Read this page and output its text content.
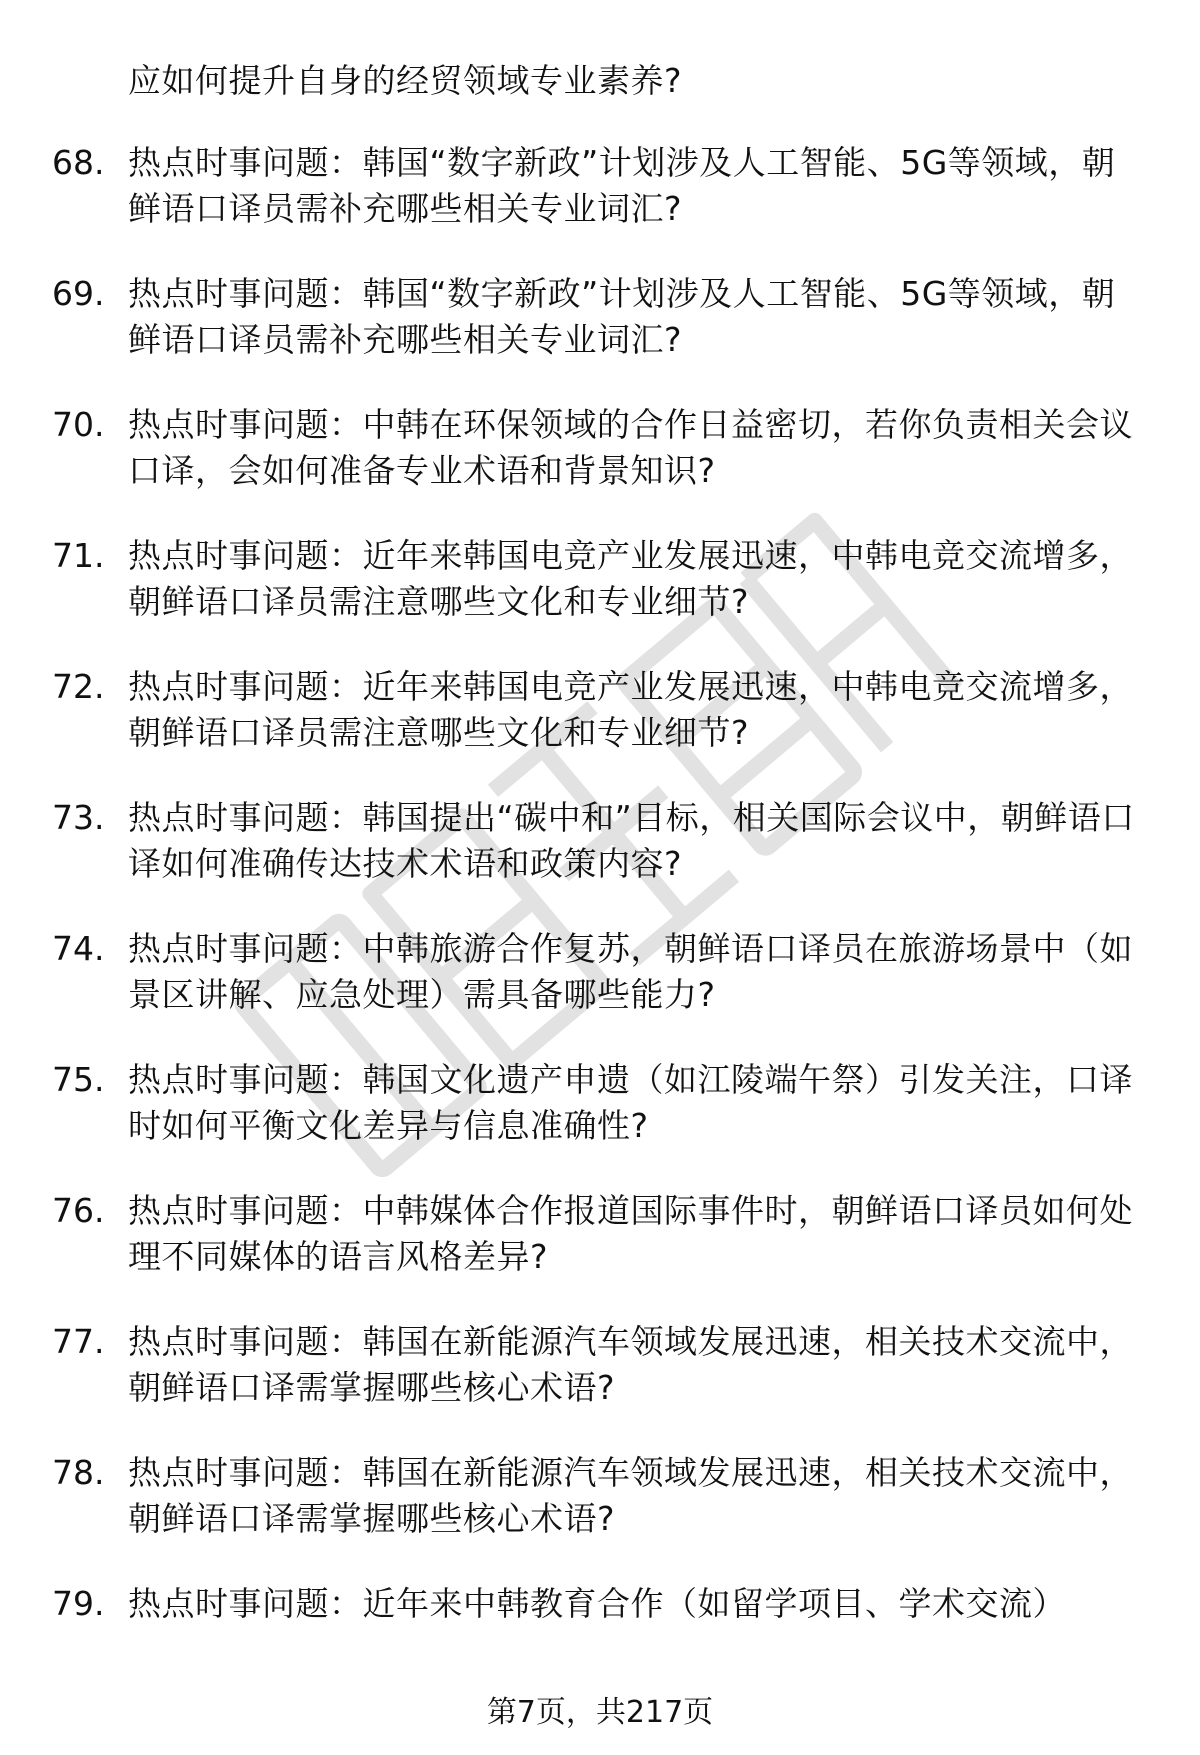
应如何提升自身的经贸领域专业素养?
68. 热点时事问题：韩国“数字新政”计划涉及人工智能、5G等领域，朝鲜语口译员需补充哪些相关专业词汇?
69. 热点时事问题：韩国“数字新政”计划涉及人工智能、5G等领域，朝鲜语口译员需补充哪些相关专业词汇?
70. 热点时事问题：中韩在环保领域的合作日益密切，若你负责相关会议口译，会如何准备专业术语和背景知识?
71. 热点时事问题：近年来韩国电竞产业发展迅速，中韩电竞交流增多，朝鲜语口译员需注意哪些文化和专业细节?
72. 热点时事问题：近年来韩国电竞产业发展迅速，中韩电竞交流增多，朝鲜语口译员需注意哪些文化和专业细节?
73. 热点时事问题：韩国提出“碳中和”目标，相关国际会议中，朝鲜语口译如何准确传达技术术语和政策内容?
74. 热点时事问题：中韩旅游合作复苏，朝鲜语口译员在旅游场景中（如景区讲解、应急处理）需具备哪些能力?
75. 热点时事问题：韩国文化遗产申遗（如江陵端午祭）引发关注，口译时如何平衡文化差异与信息准确性?
76. 热点时事问题：中韩媒体合作报道国际事件时，朝鲜语口译员如何处理不同媒体的语言风格差异?
77. 热点时事问题：韩国在新能源汽车领域发展迅速，相关技术交流中，朝鲜语口译需掌握哪些核心术语?
78. 热点时事问题：韩国在新能源汽车领域发展迅速，相关技术交流中，朝鲜语口译需掌握哪些核心术语?
79. 热点时事问题：近年来中韩教育合作（如留学项目、学术交流）
第7页，共217页
